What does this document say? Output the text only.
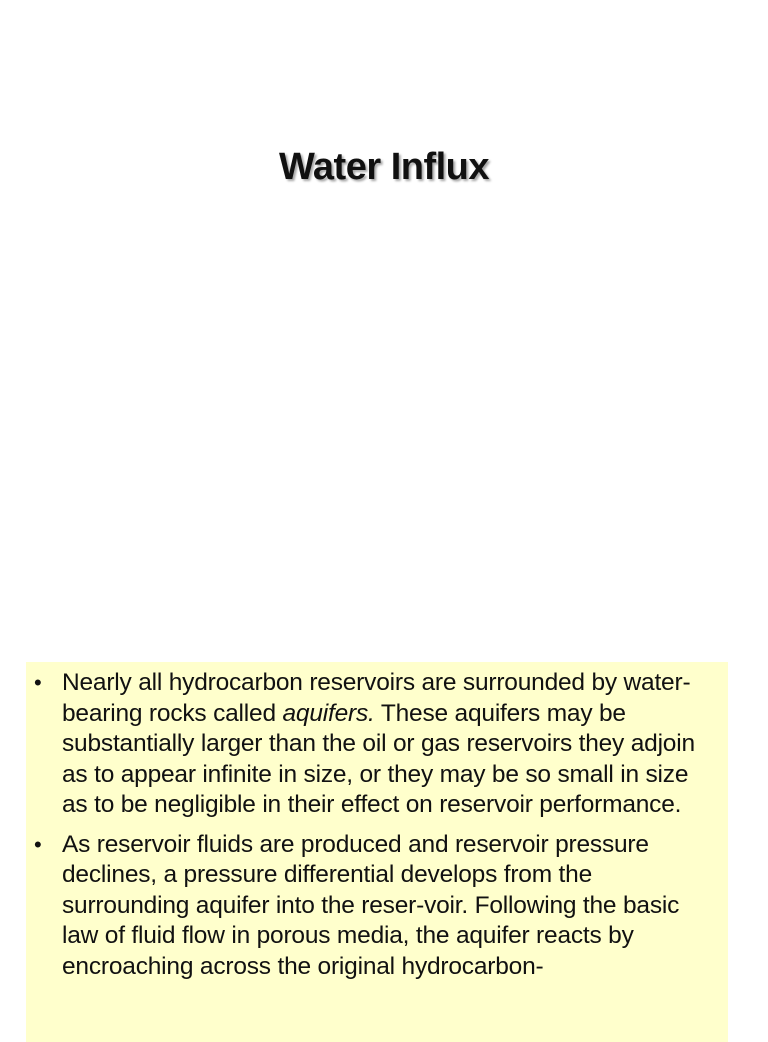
Water Influx
• Nearly all hydrocarbon reservoirs are surrounded by water-bearing rocks called aquifers. These aquifers may be substantially larger than the oil or gas reservoirs they adjoin as to appear infinite in size, or they may be so small in size as to be negligible in their effect on reservoir performance.
• As reservoir fluids are produced and reservoir pressure declines, a pressure differential develops from the surrounding aquifer into the reser-voir. Following the basic law of fluid flow in porous media, the aquifer reacts by encroaching across the original hydrocarbon-
